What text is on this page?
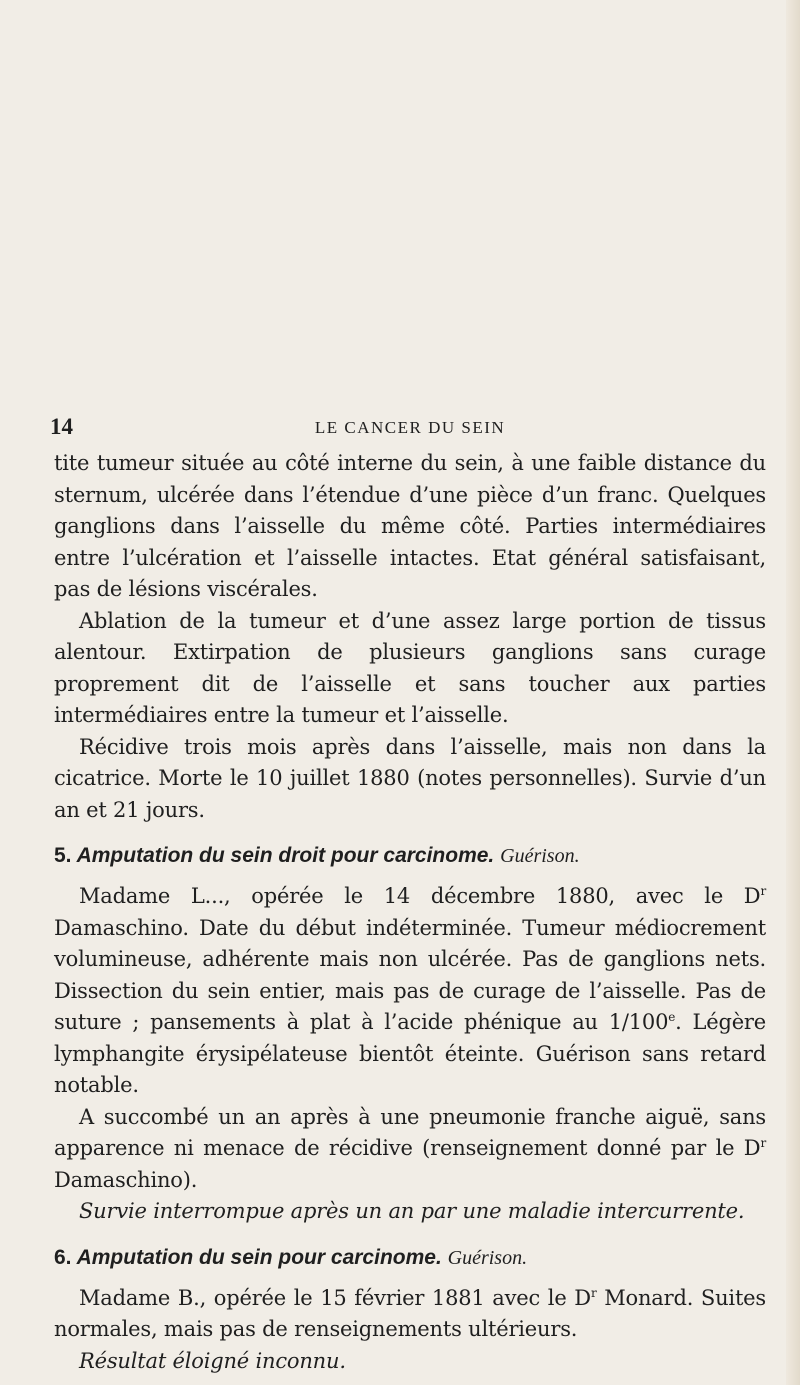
14	LE CANCER DU SEIN

tite tumeur située au côté interne du sein, à une faible distance du sternum, ulcérée dans l’étendue d’une pièce d’un franc. Quelques ganglions dans l’aisselle du même côté. Parties intermédiaires entre l’ulcération et l’aisselle intactes. Etat général satisfaisant, pas de lésions viscérales.

Ablation de la tumeur et d’une assez large portion de tissus alentour. Extirpation de plusieurs ganglions sans curage proprement dit de l’aisselle et sans toucher aux parties intermédiaires entre la tumeur et l’aisselle.

Récidive trois mois après dans l’aisselle, mais non dans la cicatrice. Morte le 10 juillet 1880 (notes personnelles). Survie d’un an et 21 jours.

5. Amputation du sein droit pour carcinome. Guérison.

Madame L..., opérée le 14 décembre 1880, avec le $D^r$ Damaschino. Date du début indéterminée. Tumeur médiocrement volumineuse, adhérente mais non ulcérée. Pas de ganglions nets. Dissection du sein entier, mais pas de curage de l’aisselle. Pas de suture ; pansements à plat à l’acide phénique au 1/100e. Légère lymphangite érysipélateuse bientôt éteinte. Guérison sans retard notable.

A succombé un an après à une pneumonie franche aiguë, sans apparence ni menace de récidive (renseignement donné par le $D^r$ Damaschino).

Survie interrompue après un an par une maladie intercurrente.

6. Amputation du sein pour carcinome. Guérison.

Madame B., opérée le 15 février 1881 avec le $D^r$ Monard. Suites normales, mais pas de renseignements ultérieurs.

Résultat éloigné inconnu.
